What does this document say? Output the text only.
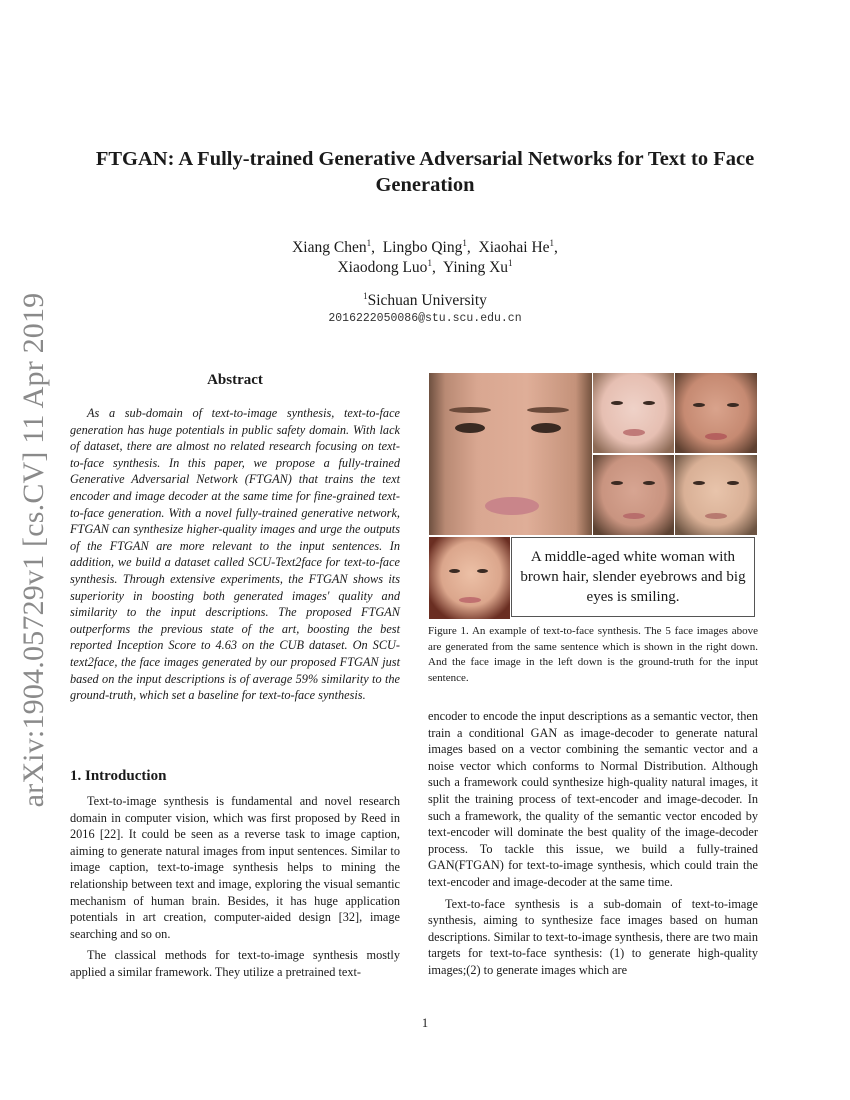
arXiv:1904.05729v1 [cs.CV] 11 Apr 2019
FTGAN: A Fully-trained Generative Adversarial Networks for Text to Face Generation
Xiang Chen$^1$,  Lingbo Qing$^1$,  Xiaohai He$^1$,
Xiaodong Luo$^1$,  Yining Xu$^1$
$^1$Sichuan University
2016222050086@stu.scu.edu.cn
Abstract

As a sub-domain of text-to-image synthesis, text-to-face generation has huge potentials in public safety domain. With lack of dataset, there are almost no related research focusing on text-to-face synthesis. In this paper, we propose a fully-trained Generative Adversarial Network (FTGAN) that trains the text encoder and image decoder at the same time for fine-grained text-to-face generation. With a novel fully-trained generative network, FTGAN can synthesize higher-quality images and urge the outputs of the FTGAN are more relevant to the input sentences. In addition, we build a dataset called SCU-Text2face for text-to-face synthesis. Through extensive experiments, the FTGAN shows its superiority in boosting both generated images' quality and similarity to the input descriptions. The proposed FTGAN outperforms the previous state of the art, boosting the best reported Inception Score to 4.63 on the CUB dataset. On SCU-text2face, the face images generated by our proposed FTGAN just based on the input descriptions is of average 59% similarity to the ground-truth, which set a baseline for text-to-face synthesis.

1. Introduction

Text-to-image synthesis is fundamental and novel research domain in computer vision, which was first proposed by Reed in 2016 [22]. It could be seen as a reverse task to image caption, aiming to generate natural images from input sentences. Similar to image caption, text-to-image synthesis helps to mining the relationship between text and image, exploring the visual semantic mechanism of human brain. Besides, it has huge application potentials in art creation, computer-aided design [32], image searching and so on.

The classical methods for text-to-image synthesis mostly applied a similar framework. They utilize a pretrained text-

A middle-aged white woman with brown hair, slender eyebrows and big eyes is smiling.
Figure 1. An example of text-to-face synthesis. The 5 face images above are generated from the same sentence which is shown in the right down. And the face image in the left down is the ground-truth for the input sentence.

encoder to encode the input descriptions as a semantic vector, then train a conditional GAN as image-decoder to generate natural images based on a vector combining the semantic vector and a noise vector which conforms to Normal Distribution. Although such a framework could synthesize high-quality natural images, it split the training process of text-encoder and image-decoder. In such a framework, the quality of the semantic vector encoded by text-encoder will dominate the best quality of the image-decoder process. To tackle this issue, we build a fully-trained GAN(FTGAN) for text-to-image synthesis, which could train the text-encoder and image-decoder at the same time.

Text-to-face synthesis is a sub-domain of text-to-image synthesis, aiming to synthesize face images based on human descriptions. Similar to text-to-image synthesis, there are two main targets for text-to-face synthesis: (1) to generate high-quality images;(2) to generate images which are

1
